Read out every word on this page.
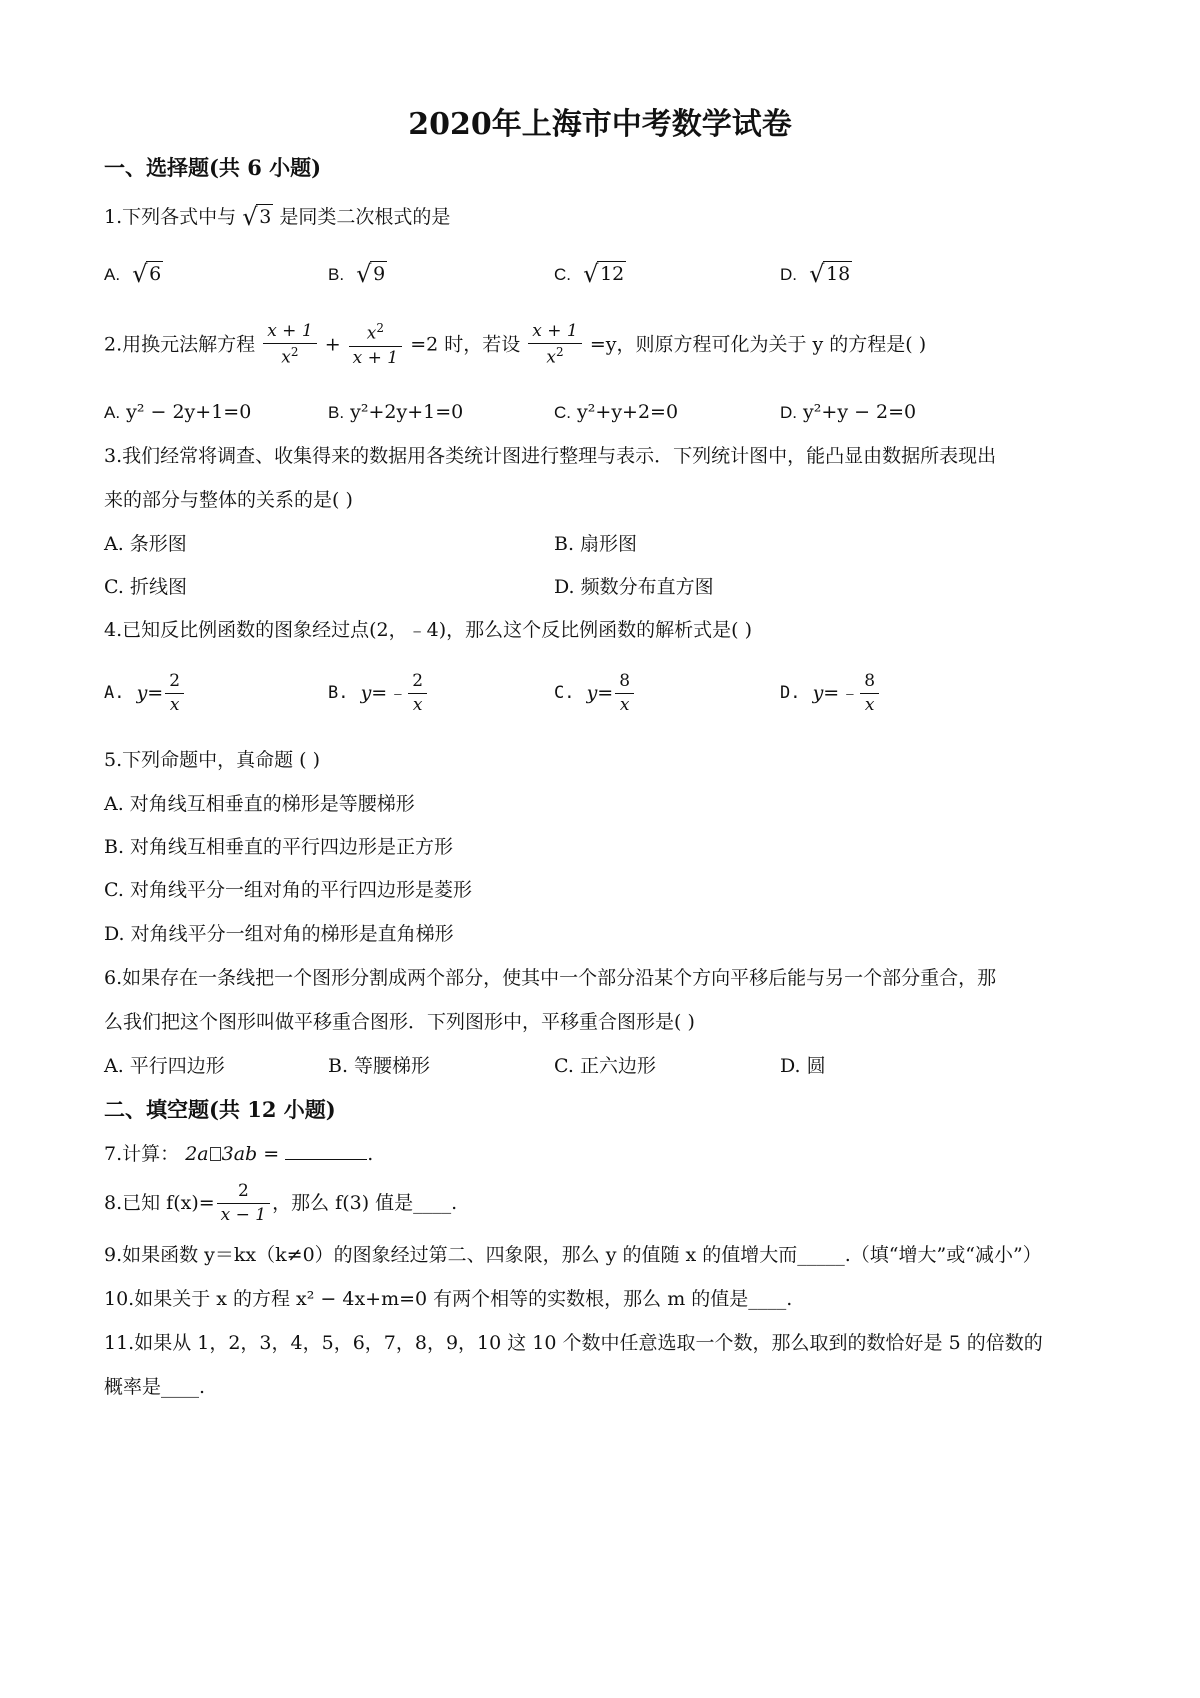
2020年上海市中考数学试卷
一、选择题(共 6 小题)
1.下列各式中与 √ 3 是同类二次根式的是
A. √ 6	B. √ 9	C. √ 12	D. √ 18
2.用换元法解方程 $\frac{x + 1}{x^2} + \frac{x^2}{x + 1} =2$ 时，若设 $\frac{x + 1}{x^2} =y$，则原方程可化为关于 y 的方程是( )
A. y² − 2y+1=0	B. y²+2y+1=0	C. y²+y+2=0	D. y²+y − 2=0
3.我们经常将调查、收集得来的数据用各类统计图进行整理与表示．下列统计图中，能凸显由数据所表现出
来的部分与整体的关系的是( )
A. 条形图	B. 扇形图
C. 折线图	D. 频数分布直方图
4.已知反比例函数的图象经过点(2，﹣4)，那么这个反比例函数的解析式是( )
A. $y= \frac{2}{x}$	B. y=﹣ $\frac{2}{x}$	C. $y= \frac{8}{x}$	D. y=﹣ $\frac{8}{x}$
5.下列命题中，真命题 ( )
A. 对角线互相垂直的梯形是等腰梯形
B. 对角线互相垂直的平行四边形是正方形
C. 对角线平分一组对角的平行四边形是菱形
D. 对角线平分一组对角的梯形是直角梯形
6.如果存在一条线把一个图形分割成两个部分，使其中一个部分沿某个方向平移后能与另一个部分重合，那
么我们把这个图形叫做平移重合图形．下列图形中，平移重合图形是( )
A. 平行四边形	B. 等腰梯形	C. 正六边形	D. 圆
二、填空题(共 12 小题)
7.计算： 2a 3ab =	.
8.已知 $f(x)= \frac{2}{x - 1}$ ，那么 f(3) 值是____.
9.如果函数 y＝kx（k≠0）的图象经过第二、四象限，那么 y 的值随 x 的值增大而_____.（填“增大”或“减小”）
10.如果关于 x 的方程 x² − 4x+m=0 有两个相等的实数根，那么 m 的值是____.
11.如果从 1，2，3，4，5，6，7，8，9，10 这 10 个数中任意选取一个数，那么取到的数恰好是 5 的倍数的
概率是____.
